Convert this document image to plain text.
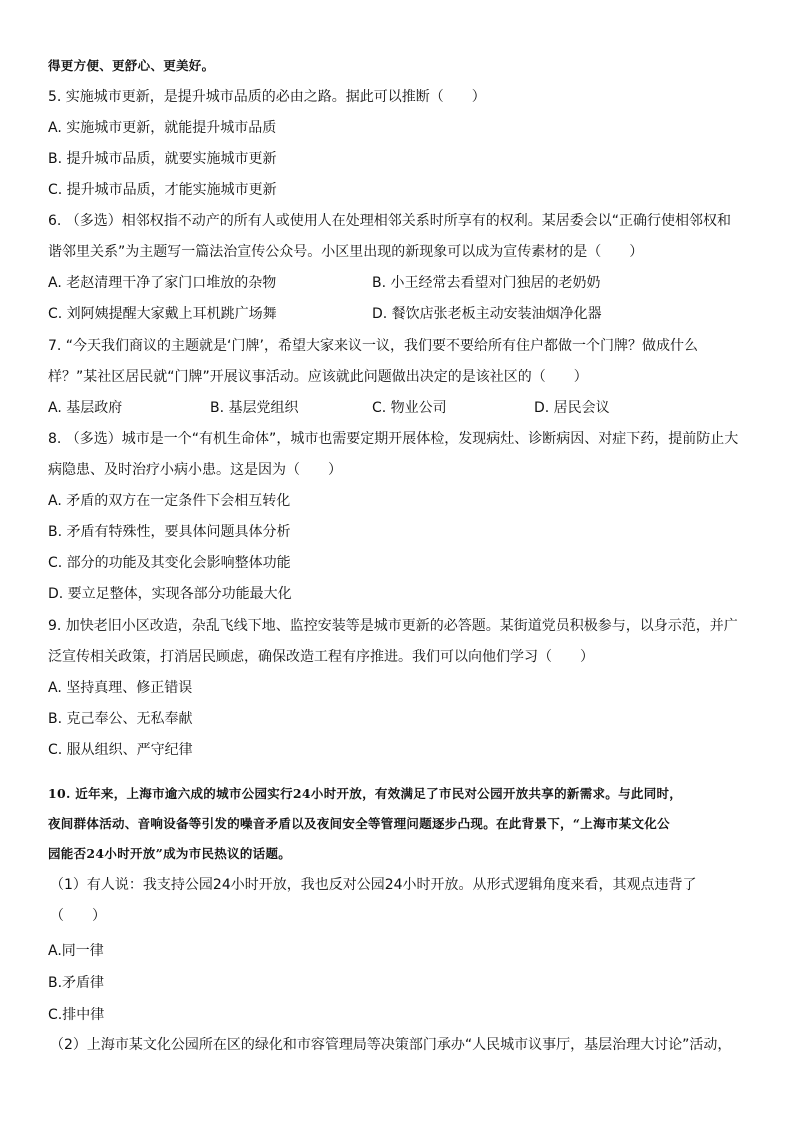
得更方便、更舒心、更美好。
5. 实施城市更新，是提升城市品质的必由之路。据此可以推断（　　）
A. 实施城市更新，就能提升城市品质
B. 提升城市品质，就要实施城市更新
C. 提升城市品质，才能实施城市更新
6. （多选）相邻权指不动产的所有人或使用人在处理相邻关系时所享有的权利。某居委会以“正确行使相邻权和
谐邻里关系”为主题写一篇法治宣传公众号。小区里出现的新现象可以成为宣传素材的是（　　）
A. 老赵清理干净了家门口堆放的杂物	B. 小王经常去看望对门独居的老奶奶
C. 刘阿姨提醒大家戴上耳机跳广场舞	D. 餐饮店张老板主动安装油烟净化器
7. “今天我们商议的主题就是‘门牌’，希望大家来议一议，我们要不要给所有住户都做一个门牌？做成什么
样？”某社区居民就“门牌”开展议事活动。应该就此问题做出决定的是该社区的（　　）
A. 基层政府	B. 基层党组织	C. 物业公司	D. 居民会议
8. （多选）城市是一个“有机生命体”，城市也需要定期开展体检，发现病灶、诊断病因、对症下药，提前防止大
病隐患、及时治疗小病小患。这是因为（　　）
A. 矛盾的双方在一定条件下会相互转化
B. 矛盾有特殊性，要具体问题具体分析
C. 部分的功能及其变化会影响整体功能
D. 要立足整体，实现各部分功能最大化
9. 加快老旧小区改造，杂乱飞线下地、监控安装等是城市更新的必答题。某街道党员积极参与，以身示范，并广
泛宣传相关政策，打消居民顾虑，确保改造工程有序推进。我们可以向他们学习（　　）
A. 坚持真理、修正错误
B. 克己奉公、无私奉献
C. 服从组织、严守纪律
10. 近年来，上海市逾六成的城市公园实行24小时开放，有效满足了市民对公园开放共享的新需求。与此同时，
夜间群体活动、音响设备等引发的噪音矛盾以及夜间安全等管理问题逐步凸现。在此背景下，“上海市某文化公
园能否24小时开放”成为市民热议的话题。
（1）有人说：我支持公园24小时开放，我也反对公园24小时开放。从形式逻辑角度来看，其观点违背了
（　　）
A.同一律
B.矛盾律
C.排中律
（2）上海市某文化公园所在区的绿化和市容管理局等决策部门承办“人民城市议事厅，基层治理大讨论”活动，
